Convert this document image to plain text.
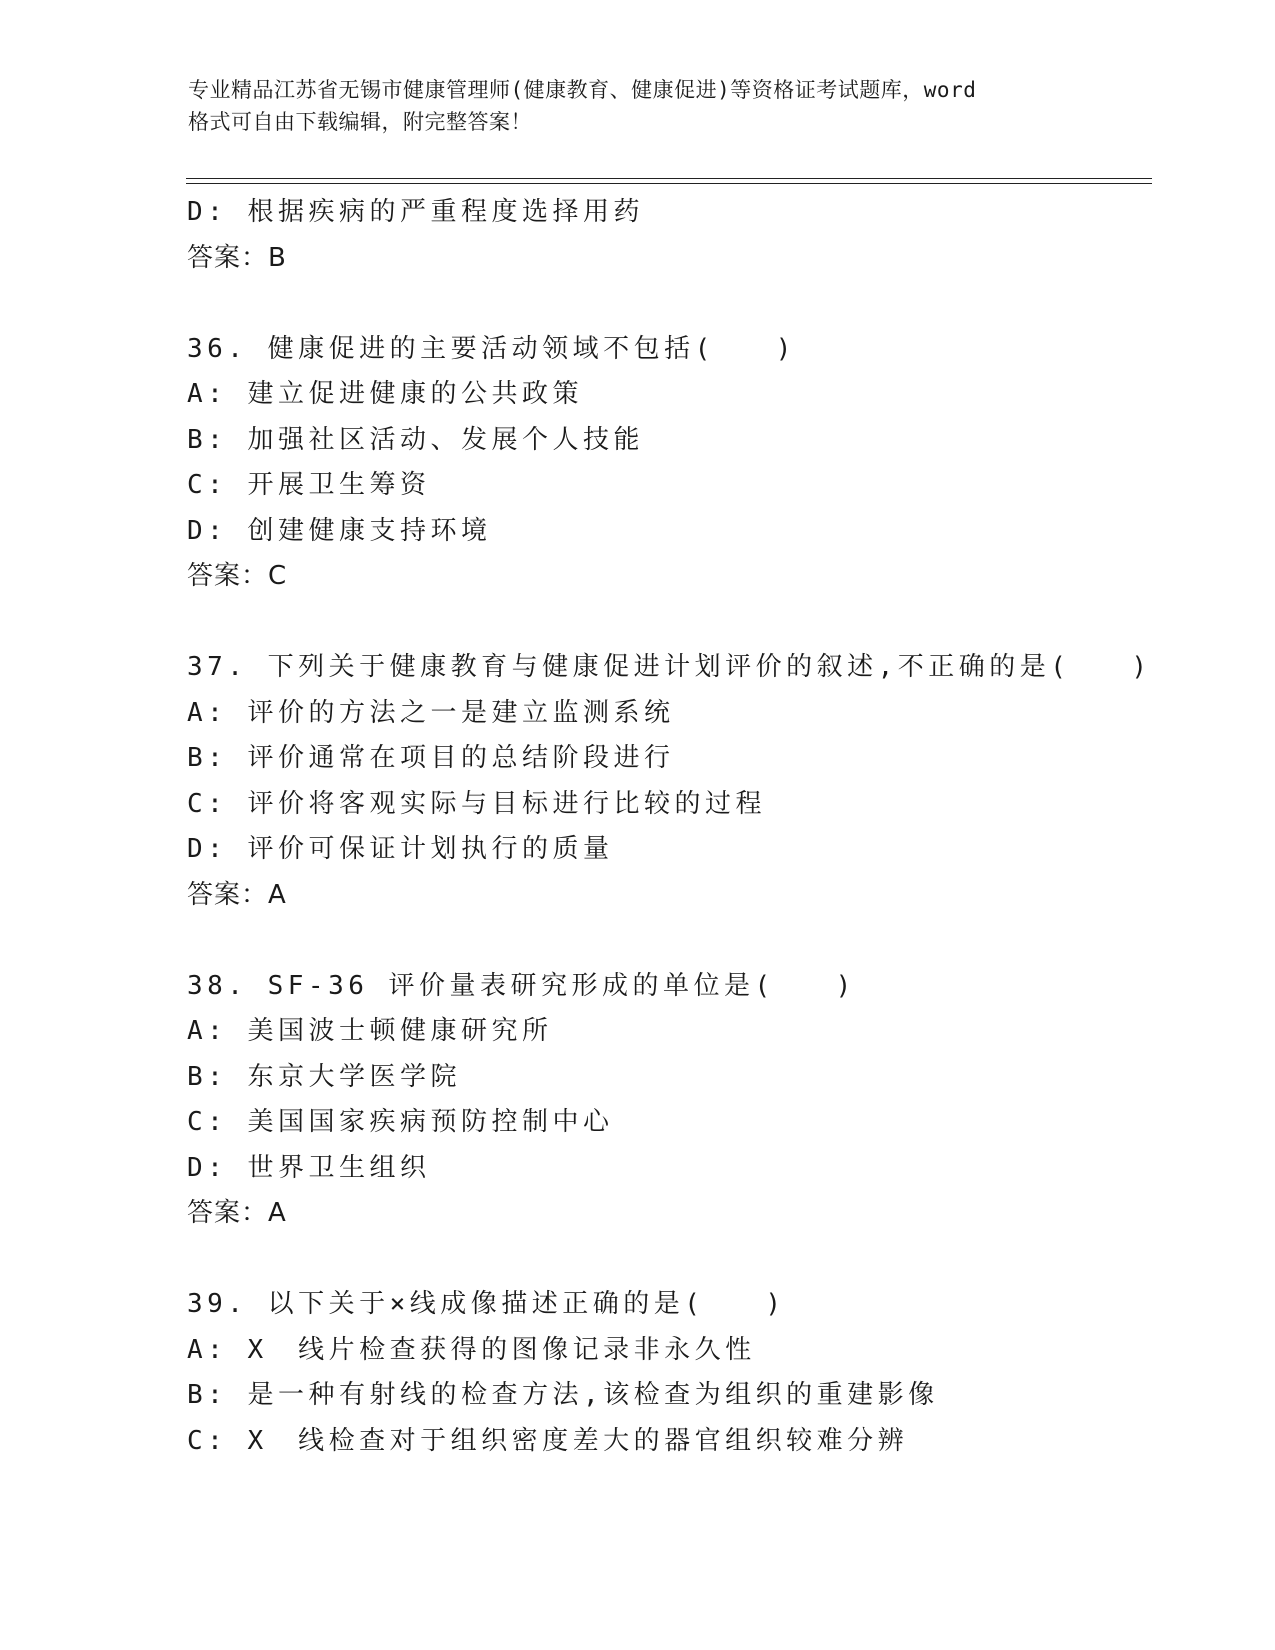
专业精品江苏省无锡市健康管理师(健康教育、健康促进)等资格证考试题库，word

格式可自由下载编辑，附完整答案！

D: 根据疾病的严重程度选择用药
答案：B
36. 健康促进的主要活动领域不包括(　　)
A: 建立促进健康的公共政策
B: 加强社区活动、发展个人技能
C: 开展卫生筹资
D: 创建健康支持环境
答案：C
37. 下列关于健康教育与健康促进计划评价的叙述,不正确的是(　　)
A: 评价的方法之一是建立监测系统
B: 评价通常在项目的总结阶段进行
C: 评价将客观实际与目标进行比较的过程
D: 评价可保证计划执行的质量
答案：A
38. SF-36 评价量表研究形成的单位是(　　)
A: 美国波士顿健康研究所
B: 东京大学医学院
C: 美国国家疾病预防控制中心
D: 世界卫生组织
答案：A
39. 以下关于×线成像描述正确的是(　　)
A: X　线片检查获得的图像记录非永久性
B: 是一种有射线的检查方法,该检查为组织的重建影像
C: X　线检查对于组织密度差大的器官组织较难分辨
